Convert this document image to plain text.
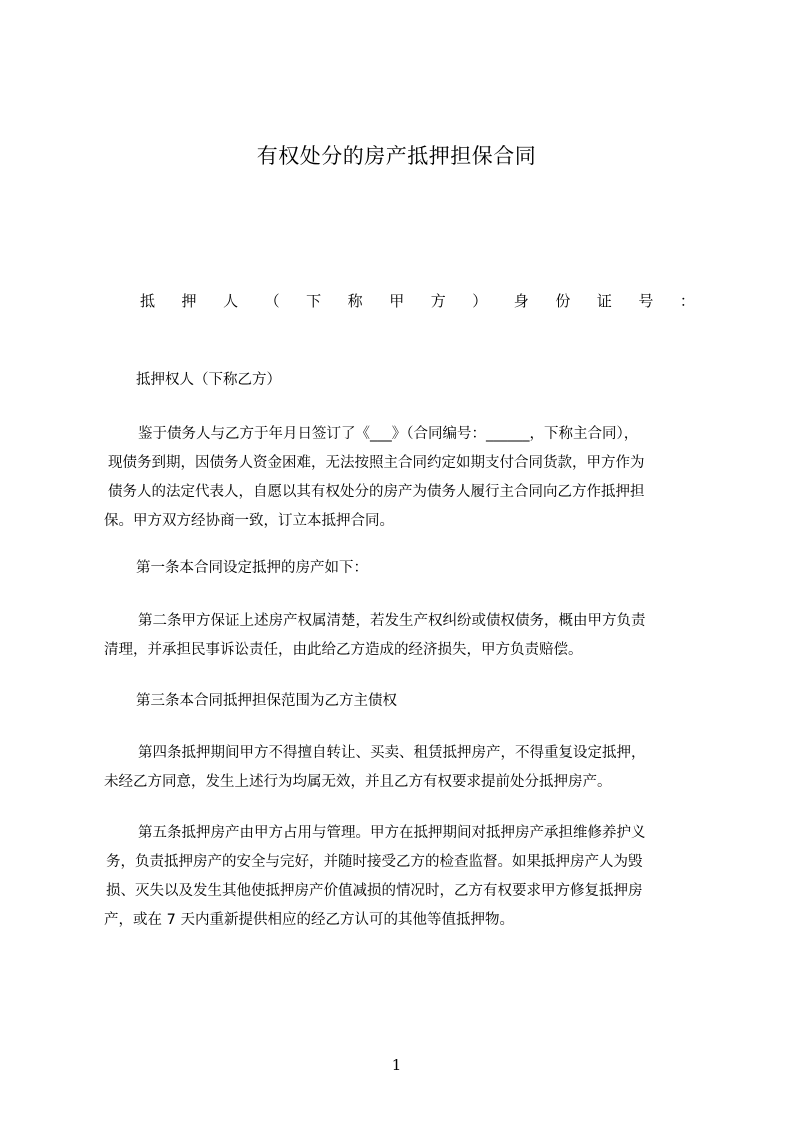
有权处分的房产抵押担保合同
抵 押 人 （ 下 称 甲 方 ） 身 份 证 号 ：

抵押权人（下称乙方）

鉴于债务人与乙方于年月日签订了《___》（合同编号：______，下称主合同），

现债务到期，因债务人资金困难，无法按照主合同约定如期支付合同货款，甲方作为

债务人的法定代表人，自愿以其有权处分的房产为债务人履行主合同向乙方作抵押担

保。甲方双方经协商一致，订立本抵押合同。

第一条本合同设定抵押的房产如下：

第二条甲方保证上述房产权属清楚，若发生产权纠纷或债权债务，概由甲方负责

清理，并承担民事诉讼责任，由此给乙方造成的经济损失，甲方负责赔偿。

第三条本合同抵押担保范围为乙方主债权

第四条抵押期间甲方不得擅自转让、买卖、租赁抵押房产，不得重复设定抵押，

未经乙方同意，发生上述行为均属无效，并且乙方有权要求提前处分抵押房产。

第五条抵押房产由甲方占用与管理。甲方在抵押期间对抵押房产承担维修养护义

务，负责抵押房产的安全与完好，并随时接受乙方的检查监督。如果抵押房产人为毁

损、灭失以及发生其他使抵押房产价值减损的情况时，乙方有权要求甲方修复抵押房

产，或在 7 天内重新提供相应的经乙方认可的其他等值抵押物。

1
